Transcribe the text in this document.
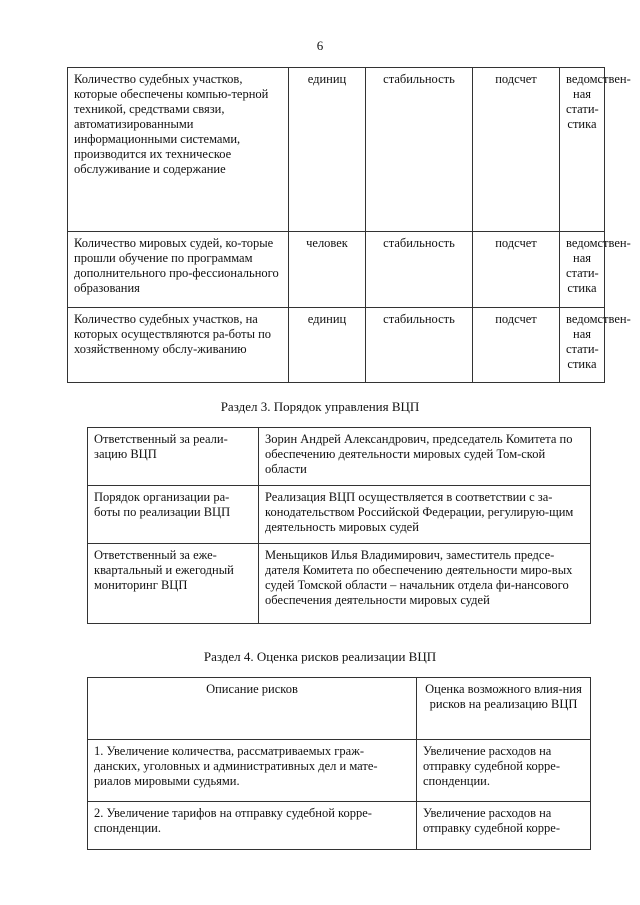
6
Количество судебных участков, которые обеспечены компью-терной техникой, средствами связи, автоматизированными информационными системами, производится их техническое обслуживание и содержание	единиц	стабильность	подсчет	ведомствен-ная стати-стика
Количество мировых судей, ко-торые прошли обучение по программам дополнительного про-фессионального образования	человек	стабильность	подсчет	ведомствен-ная стати-стика
Количество судебных участков, на которых осуществляются ра-боты по хозяйственному обслу-живанию	единиц	стабильность	подсчет	ведомствен-ная стати-стика
Раздел 3. Порядок управления ВЦП
Ответственный за реали-зацию ВЦП	Зорин Андрей Александрович, председатель Комитета по обеспечению деятельности мировых судей Том-ской области
Порядок организации ра-боты по реализации ВЦП	Реализация ВЦП осуществляется в соответствии с за-конодательством Российской Федерации, регулирую-щим деятельность мировых судей
Ответственный за еже-квартальный и ежегодный мониторинг ВЦП	Меньщиков Илья Владимирович, заместитель предсе-дателя Комитета по обеспечению деятельности миро-вых судей Томской области – начальник отдела фи-нансового обеспечения деятельности мировых судей
Раздел 4. Оценка рисков реализации ВЦП
Описание рисков	Оценка возможного влия-ния рисков на реализацию ВЦП
1. Увеличение количества, рассматриваемых граж-данских, уголовных и административных дел и мате-риалов мировыми судьями.	Увеличение расходов на отправку судебной корре-спонденции.
2. Увеличение тарифов на отправку судебной корре-спонденции.	Увеличение расходов на отправку судебной корре-
